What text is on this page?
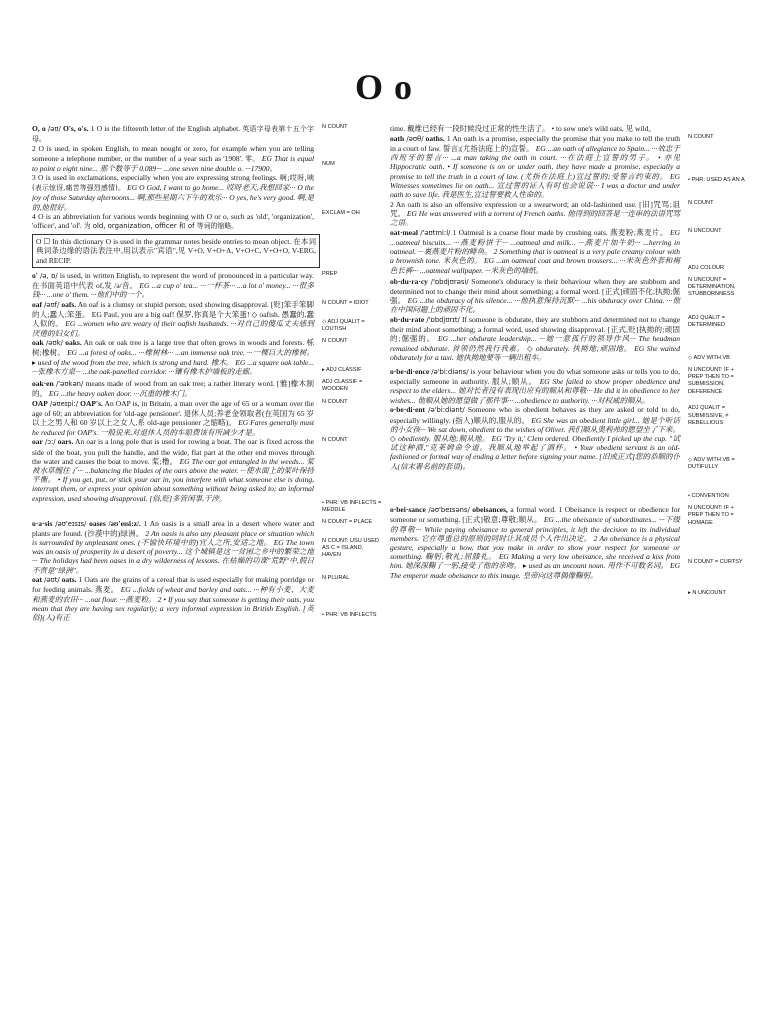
O o
O, o /əʊ/ O's, o's. 1 O is the fifteenth letter of the English alphabet. 英语字母表第十五个字母。
2 O is used, in spoken English, to mean nought or zero, for example when you are telling someone a telephone number, or the number of a year such as '1908'. 零。 EG That is equal to point o eight nine... 那个数等于 0.089··· ...one seven nine double o. ···17900。
3 O is used in exclamations, especially when you are expressing strong feelings. 啊;哎呀,咦(表示惊讶,痛苦等强烈感情)。 EG O God, I want to go home... 哎呀老天,我想回家··· O the joy of those Saturday afternoons... 啊,那些星期六下午的欢乐··· O yes, he's very good. 啊,是的,他很好。
4 O is an abbreviation for various words beginning with O or o, such as 'old', 'organization', 'officer', and 'of'. 为 old, organization, officer 和 of 等词的缩略。
N COUNT
NUM
EXCLAM = OH
O ☐ In this dictionary O is used in the grammar notes beside entries to mean object. 在本词典词条边缘的语法表注中,用以表示"宾语",见 V+O, V+O+A, V+O+C, V+O+O, V-ERG, and RECIP.
o' /ə, ɒ/ is used, in written English, to represent the word of pronounced in a particular way. 在书面英语中代表 of,发 /ə/音。 EG ...a cup o' tea... ···一杯茶··· ...a lot o' money... ···很多钱··· ...one o' them. ···他们中的一个。
PREP
oaf /əʊf/ oafs. An oaf is a clumsy or stupid person; used showing disapproval. [贬]笨手笨脚的人;蠢人;笨蛋。 EG Paul, you are a big oaf! 保罗,你真是个大笨蛋! ◇ oafish. 愚蠢的,蠢人似的。 EG ...women who are weary of their oafish husbands. ···对自己的傻瓜丈夫感到厌倦的妇女们。
N COUNT = IDIOT
◇ ADJ QUALIT = LOUTISH
oak /əʊk/ oaks. An oak or oak tree is a large tree that often grows in woods and forests. 栎树;橡树。 EG ...a forest of oaks... ···橡树林··· ...an immense oak tree. ···一棵巨大的橡树。 ▸ used of the wood from the tree, which is strong and hard. 橡木。 EG ...a square oak table... ···张橡木方桌··· ...the oak-panelled corridor. ···镶有橡木护墙板的走廊。
N COUNT
▸ ADJ CLASSIF
oak·en /'əʊkən/ means made of wood from an oak tree; a rather literary word. [雅]橡木制的。 EG ...the heavy oaken door. ···沉重的橡木门。
ADJ CLASSIF = WOODEN
OAP /əʊeɪpi:/ OAP's. An OAP is, in Britain, a man over the age of 65 or a woman over the age of 60; an abbreviation for 'old-age pensioner'. 退休人员;养老金领取者(在英国为 65 岁以上之男人和 60 岁以上之女人,系 old-age pensioner 之缩略)。 EG Fares generally must be reduced for OAP's. 一般说来,对退休人员的车船费该有所减少才是。
N COUNT
oar /ɔ:/ oars. An oar is a long pole that is used for rowing a boat. The oar is fixed across the side of the boat, you pull the handle, and the wide, flat part at the other end moves through the water and causes the boat to move. 桨;橹。 EG The oar got entangled in the weeds... 桨被水草缠住了··· ...balancing the blades of the oars above the water. ···使水面上的桨叶保持平衡。 • If you get, put, or stick your oar in, you interfere with what someone else is doing, interrupt them, or express your opinion about something without being asked to; an informal expression, used showing disapproval. [俗,贬]多管闲事,干涉。
N COUNT
• PHR: VB INFLECTS = MEDDLE
o·a·sis /əʊ'eɪsɪs/ oases /əʊ'eɪsi:z/. 1 An oasis is a small area in a desert where water and plants are found. (沙漠中的)绿洲。 2 An oasis is also any pleasant place or situation which is surrounded by unpleasant ones. (不愉快环境中的)宜人之所,安适之地。 EG The town was an oasis of prosperity in a desert of poverty... 这个城镇是这一贫困之乡中的繁荣之地··· The holidays had been oases in a dry wilderness of lessons. 在枯燥的功课"荒野"中,假日不啻是"绿洲"。
N COUNT = PLACE
N COUNT: USU USED AS C = ISLAND, HAVEN
oat /əʊt/ oats. 1 Oats are the grains of a cereal that is used especially for making porridge or for feeding animals. 燕麦。 EG ...fields of wheat and barley and oats... ···种有小麦、大麦和燕麦的农田··· ...oat flour. ···燕麦粉。 2 • If you say that someone is getting their oats, you mean that they are having sex regularly; a very informal expression in British English. [英俗](人)有正
N PLURAL
• PHR: VB INFLECTS
time. 戴维已经有一段时候没过正常的性生活了。 • to sow one's wild oats, 见 wild。
oath /əʊθ/ oaths. 1 An oath is a promise, especially the promise that you make to tell the truth in a court of law. 誓言;(尤指法庭上的)宣誓。 EG ...an oath of allegiance to Spain... ···效忠于西班牙的誓言··· ...a man taking the oath in court. ···在法庭上宣誓的男子。 • 亦见 Hippocratic oath. • If someone is on or under oath, they have made a promise, especially a promise to tell the truth in a court of law. (尤指在法庭上)宣过誓的;受誓言约束的。 EG Witnesses sometimes lie on oath... 宣过誓的证人有时也会说谎··· I was a doctor and under oath to save life. 我是医生,宣过誓要救人性命的。
N COUNT
• PHR: USED AS AN A
2 An oath is also an offensive expression or a swearword; an old-fashioned use. [旧]咒骂;诅咒。 EG He was answered with a torrent of French oaths. 他得到的回答是一连串的法语咒骂之语。
N COUNT
oat·meal /'əʊtmi:l/ 1 Oatmeal is a coarse flour made by crushing oats. 燕麦粉;燕麦片。 EG ...oatmeal biscuits... ···燕麦粉饼干··· ...oatmeal and milk... ···燕麦片加牛奶··· ...herring in oatmeal. ···裹燕麦片粉的鲱鱼。 2 Something that is oatmeal is a very pale creamy colour with a brownish tone. 米灰色的。 EG ...an oatmeal coat and brown trousers... ···米灰色外套和褐色长裤··· ...oatmeal wallpaper. ···米灰色的墙纸。
N UNCOUNT
ADJ COLOUR
ob·du·ra·cy /'ɒbdjʊrəsi/ Someone's obduracy is their behaviour when they are stubborn and determined not to change their mind about something; a formal word. [正式]顽固不化;执拗;倔强。 EG ...the obduracy of his silence... ···他执意保持沉默··· ...his obduracy over China. ···他在中国问题上的顽固不化。
N UNCOUNT = DETERMINATION, STUBBORNNESS
ob·du·rate /'ɒbdjʊrɪt/ If someone is obdurate, they are stubborn and determined not to change their mind about something; a formal word, used showing disapproval. [正式,贬]执拗的;顽固的;倔强的。 EG ...her obdurate leadership... ···她一意孤行的领导作风··· The headman remained obdurate. 首领仍然我行我素。 ◇ obdurately. 执拗地;顽固地。 EG She waited obdurately for a taxi. 她执拗地要等一辆出租车。
ADJ QUALIT = DETERMINED
◇ ADV WITH VB
o·be·di·ence /ə'bi:diəns/ is your behaviour when you do what someone asks or tells you to do, especially someone in authority. 服从;顺从。 EG She failed to show proper obedience and respect to the elders... 她对长者没有表现出应有的顺从和尊敬··· He did it in obedience to her wishes... 他顺从她的愿望做了那件事··· ...obedience to authority. ···对权威的顺从。
N UNCOUNT: IF + PREP THEN TO = SUBMISSION, DEFERENCE
o·be·di·ent /ə'bi:diənt/ Someone who is obedient behaves as they are asked or told to do, especially willingly. (指人)顺从的,服从的。 EG She was an obedient little girl... 她是个听话的小女孩··· We sat down, obedient to the wishes of Oliver. 我们顺从奥利弗的愿望坐了下来。 ◇ obediently. 服从地;顺从地。 EG 'Try it,' Clem ordered. Obediently I picked up the cup. "试试这种酒,"克莱姆命令道。我顺从地举起了酒杯。 • Your obedient servant is an old-fashioned or formal way of ending a letter before signing your name. [旧或正式]您的恭顺的仆人(信末署名前的套语)。
ADJ QUALIT = SUBMISSIVE, ≠ REBELLIOUS
◇ ADV WITH VB = DUTIFULLY
• CONVENTION
o·bei·sance /əʊ'beɪsəns/ obeisances, a formal word. 1 Obeisance is respect or obedience for someone or something. [正式]敬意;尊敬;顺从。 EG ...the obeisance of subordinates... ···下级的尊敬··· While paying obeisance to general principles, it left the decision to its individual members. 它在尊重总的原则的同时让其成员个人作出决定。 2 An obeisance is a physical gesture, especially a bow, that you make in order to show your respect for someone or something. 鞠躬;敬礼;屈膝礼。 EG Making a very low obeisance, she received a kiss from him. 她深深鞠了一躬,接受了他的亲吻。 ▸ used as an uncount noun. 用作不可数名词。 EG The emperor made obeisance to this image. 皇帝向这尊偶像鞠躬。
N UNCOUNT: IF + PREP THEN TO = HOMAGE
N COUNT = CURTSY
▸ N UNCOUNT
